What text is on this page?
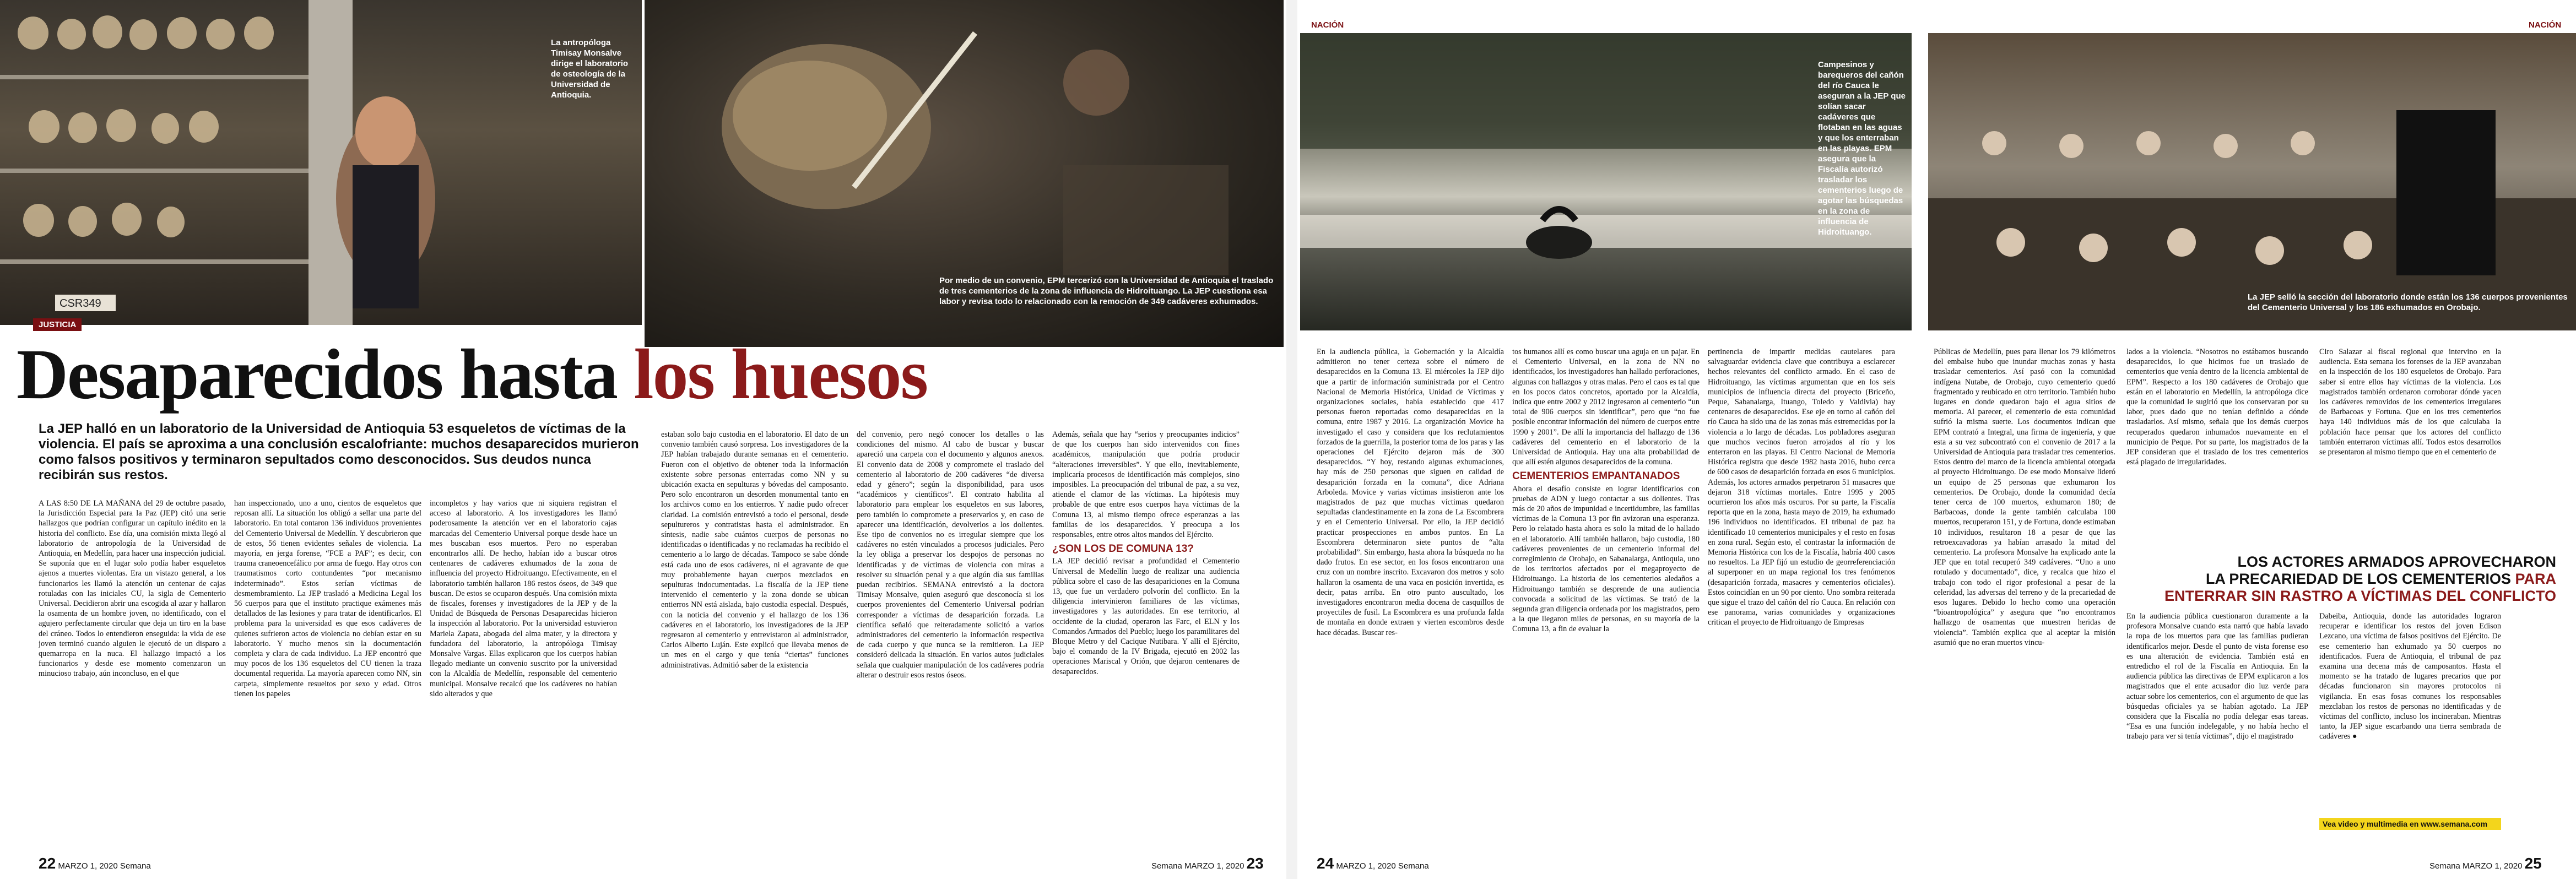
La antropóloga Timisay Monsalve dirige el laboratorio de osteología de la Universidad de Antioquia.
CSR349
Por medio de un convenio, EPM tercerizó con la Universidad de Antioquia el traslado de tres cementerios de la zona de influencia de Hidroituango. La JEP cuestiona esa labor y revisa todo lo relacionado con la remoción de 349 cadáveres exhumados.
Campesinos y barequeros del cañón del río Cauca le aseguran a la JEP que solían sacar cadáveres que flotaban en las aguas y que los enterraban en las playas. EPM asegura que la Fiscalía autorizó trasladar los cementerios luego de agotar las búsquedas en la zona de influencia de Hidroituango.
La JEP selló la sección del laboratorio donde están los 136 cuerpos provenientes del Cementerio Universal y los 186 exhumados en Orobajo.
JUSTICIA
NACIÓN	NACIÓN
Desaparecidos hasta los huesos
La JEP halló en un laboratorio de la Universidad de Antioquia 53 esqueletos de víctimas de la violencia. El país se aproxima a una conclusión escalofriante: muchos desaparecidos murieron como falsos positivos y terminaron sepultados como desconocidos. Sus deudos nunca recibirán sus restos.

A LAS 8:50 DE LA MAÑANA del 29 de octubre pasado, la Jurisdicción Especial para la Paz (JEP) citó una serie hallazgos que podrían configurar un capítulo inédito en la historia del conflicto. Ese día, una comisión mixta llegó al laboratorio de antropología de la Universidad de Antioquia, en Medellín, para hacer una inspección judicial. Se suponía que en el lugar solo podía haber esqueletos ajenos a muertes violentas. Era un vistazo general, a los funcionarios les llamó la atención un centenar de cajas rotuladas con las iniciales CU, la sigla de Cementerio Universal. Decidieron abrir una escogida al azar y hallaron la osamenta de un hombre joven, no identificado, con el agujero perfectamente circular que deja un tiro en la base del cráneo. Todos lo entendieron enseguida: la vida de ese joven terminó cuando alguien le ejecutó de un disparo a quemarropa en la nuca. El hallazgo impactó a los funcionarios y desde ese momento comenzaron un minucioso trabajo, aún inconcluso, en el que

han inspeccionado, uno a uno, cientos de esqueletos que reposan allí. La situación los obligó a sellar una parte del laboratorio. En total contaron 136 individuos provenientes del Cementerio Universal de Medellín. Y descubrieron que de estos, 56 tienen evidentes señales de violencia. La mayoría, en jerga forense, “FCE a PAF”; es decir, con trauma craneoencefálico por arma de fuego. Hay otros con traumatismos corto contundentes “por mecanismo indeterminado”. Estos serían víctimas de desmembramiento. La JEP trasladó a Medicina Legal los 56 cuerpos para que el instituto practique exámenes más detallados de las lesiones y para tratar de identificarlos. El problema para la universidad es que esos cadáveres de quienes sufrieron actos de violencia no debían estar en su laboratorio. Y mucho menos sin la documentación completa y clara de cada individuo. La JEP encontró que muy pocos de los 136 esqueletos del CU tienen la traza documental requerida. La mayoría aparecen como NN, sin carpeta, simplemente resueltos por sexo y edad. Otros tienen los papeles

incompletos y hay varios que ni siquiera registran el acceso al laboratorio. A los investigadores les llamó poderosamente la atención ver en el laboratorio cajas marcadas del Cementerio Universal porque desde hace un mes buscaban esos muertos. Pero no esperaban encontrarlos allí. De hecho, habían ido a buscar otros centenares de cadáveres exhumados de la zona de influencia del proyecto Hidroituango. Efectivamente, en el laboratorio también hallaron 186 restos óseos, de 349 que buscan. De estos se ocuparon después. Una comisión mixta de fiscales, forenses y investigadores de la JEP y de la Unidad de Búsqueda de Personas Desaparecidas hicieron la inspección al laboratorio. Por la universidad estuvieron Mariela Zapata, abogada del alma mater, y la directora y fundadora del laboratorio, la antropóloga Timisay Monsalve Vargas. Ellas explicaron que los cuerpos habían llegado mediante un convenio suscrito por la universidad con la Alcaldía de Medellín, responsable del cementerio municipal. Monsalve recalcó que los cadáveres no habían sido alterados y que

estaban solo bajo custodia en el laboratorio. El dato de un convenio también causó sorpresa. Los investigadores de la JEP habían trabajado durante semanas en el cementerio. Fueron con el objetivo de obtener toda la información existente sobre personas enterradas como NN y su ubicación exacta en sepulturas y bóvedas del camposanto. Pero solo encontraron un desorden monumental tanto en los archivos como en los entierros. Y nadie pudo ofrecer claridad. La comisión entrevistó a todo el personal, desde sepultureros y contratistas hasta el administrador. En síntesis, nadie sabe cuántos cuerpos de personas no identificadas o identificadas y no reclamadas ha recibido el cementerio a lo largo de décadas. Tampoco se sabe dónde está cada uno de esos cadáveres, ni el agravante de que muy probablemente hayan cuerpos mezclados en sepulturas indocumentadas. La fiscalía de la JEP tiene intervenido el cementerio y la zona donde se ubican entierros NN está aislada, bajo custodia especial. Después, con la noticia del convenio y el hallazgo de los 136 cadáveres en el laboratorio, los investigadores de la JEP regresaron al cementerio y entrevistaron al administrador, Carlos Alberto Luján. Este explicó que llevaba menos de un mes en el cargo y que tenía “ciertas” funciones administrativas. Admitió saber de la existencia

del convenio, pero negó conocer los detalles o las condiciones del mismo. Al cabo de buscar y buscar apareció una carpeta con el documento y algunos anexos. El convenio data de 2008 y compromete el traslado del cementerio al laboratorio de 200 cadáveres “de diversa edad y género”; según la disponibilidad, para usos “académicos y científicos”. El contrato habilita al laboratorio para emplear los esqueletos en sus labores, pero también lo compromete a preservarlos y, en caso de aparecer una identificación, devolverlos a los dolientes. Ese tipo de convenios no es irregular siempre que los cadáveres no estén vinculados a procesos judiciales. Pero la ley obliga a preservar los despojos de personas no identificadas y de víctimas de violencia con miras a resolver su situación penal y a que algún día sus familias puedan recibirlos. SEMANA entrevistó a la doctora Timisay Monsalve, quien aseguró que desconocía si los cuerpos provenientes del Cementerio Universal podrían corresponder a víctimas de desaparición forzada. La científica señaló que reiteradamente solicitó a varios administradores del cementerio la información respectiva de cada cuerpo y que nunca se la remitieron. La JEP consideró delicada la situación. En varios autos judiciales señala que cualquier manipulación de los cadáveres podría alterar o destruir esos restos óseos.

Además, señala que hay “serios y preocupantes indicios” de que los cuerpos han sido intervenidos con fines académicos, manipulación que podría producir “alteraciones irreversibles”. Y que ello, inevitablemente, implicaría procesos de identificación más complejos, sino imposibles. La preocupación del tribunal de paz, a su vez, atiende el clamor de las víctimas. La hipótesis muy probable de que entre esos cuerpos haya víctimas de la Comuna 13, al mismo tiempo ofrece esperanzas a las familias de los desaparecidos. Y preocupa a los responsables, entre otros altos mandos del Ejército.

¿SON LOS DE COMUNA 13?

LA JEP decidió revisar a profundidad el Cementerio Universal de Medellín luego de realizar una audiencia pública sobre el caso de las desapariciones en la Comuna 13, que fue un verdadero polvorín del conflicto. En la diligencia intervinieron familiares de las víctimas, investigadores y las autoridades. En ese territorio, al occidente de la ciudad, operaron las Farc, el ELN y los Comandos Armados del Pueblo; luego los paramilitares del Bloque Metro y del Cacique Nutibara. Y allí el Ejército, bajo el comando de la IV Brigada, ejecutó en 2002 las operaciones Mariscal y Orión, que dejaron centenares de desaparecidos.

En la audiencia pública, la Gobernación y la Alcaldía admitieron no tener certeza sobre el número de desaparecidos en la Comuna 13. El miércoles la JEP dijo que a partir de información suministrada por el Centro Nacional de Memoria Histórica, Unidad de Víctimas y organizaciones sociales, había establecido que 417 personas fueron reportadas como desaparecidas en la comuna, entre 1987 y 2016. La organización Movice ha investigado el caso y considera que los reclutamientos forzados de la guerrilla, la posterior toma de los paras y las operaciones del Ejército dejaron más de 300 desaparecidos. “Y hoy, restando algunas exhumaciones, hay más de 250 personas que siguen en calidad de desaparición forzada en la comuna”, dice Adriana Arboleda. Movice y varias víctimas insistieron ante los magistrados de paz que muchas víctimas quedaron sepultadas clandestinamente en la zona de La Escombrera y en el Cementerio Universal. Por ello, la JEP decidió practicar prospecciones en ambos puntos. En La Escombrera determinaron siete puntos de “alta probabilidad”. Sin embargo, hasta ahora la búsqueda no ha dado frutos. En ese sector, en los fosos encontraron una cruz con un nombre inscrito. Excavaron dos metros y solo hallaron la osamenta de una vaca en posición invertida, es decir, patas arriba. En otro punto auscultado, los investigadores encontraron media docena de casquillos de proyectiles de fusil. La Escombrera es una profunda falda de montaña en donde extraen y vierten escombros desde hace décadas. Buscar res-

tos humanos allí es como buscar una aguja en un pajar. En el Cementerio Universal, en la zona de NN no identificados, los investigadores han hallado perforaciones, algunas con hallazgos y otras malas. Pero el caos es tal que en los pocos datos concretos, aportado por la Alcaldía, indica que entre 2002 y 2012 ingresaron al cementerio “un total de 906 cuerpos sin identificar”, pero que “no fue posible encontrar información del número de cuerpos entre 1990 y 2001”. De allí la importancia del hallazgo de 136 cadáveres del cementerio en el laboratorio de la Universidad de Antioquia. Hay una alta probabilidad de que allí estén algunos desaparecidos de la comuna.

CEMENTERIOS EMPANTANADOS

Ahora el desafío consiste en lograr identificarlos con pruebas de ADN y luego contactar a sus dolientes. Tras más de 20 años de impunidad e incertidumbre, las familias víctimas de la Comuna 13 por fin avizoran una esperanza. Pero lo relatado hasta ahora es solo la mitad de lo hallado en el laboratorio. Allí también hallaron, bajo custodia, 180 cadáveres provenientes de un cementerio informal del corregimiento de Orobajo, en Sabanalarga, Antioquia, uno de los territorios afectados por el megaproyecto de Hidroituango. La historia de los cementerios aledaños a Hidroituango también se desprende de una audiencia convocada a solicitud de las víctimas. Se trató de la segunda gran diligencia ordenada por los magistrados, pero a la que llegaron miles de personas, en su mayoría de la Comuna 13, a fin de evaluar la

pertinencia de impartir medidas cautelares para salvaguardar evidencia clave que contribuya a esclarecer hechos relevantes del conflicto armado. En el caso de Hidroituango, las víctimas argumentan que en los seis municipios de influencia directa del proyecto (Briceño, Peque, Sabanalarga, Ituango, Toledo y Valdivia) hay centenares de desaparecidos. Ese eje en torno al cañón del río Cauca ha sido una de las zonas más estremecidas por la violencia a lo largo de décadas. Los pobladores aseguran que muchos vecinos fueron arrojados al río y los enterraron en las playas. El Centro Nacional de Memoria Histórica registra que desde 1982 hasta 2016, hubo cerca de 600 casos de desaparición forzada en esos 6 municipios. Además, los actores armados perpetraron 51 masacres que dejaron 318 víctimas mortales. Entre 1995 y 2005 ocurrieron los años más oscuros. Por su parte, la Fiscalía reporta que en la zona, hasta mayo de 2019, ha exhumado 196 individuos no identificados. El tribunal de paz ha identificado 10 cementerios municipales y el resto en fosas en zona rural. Según esto, el contrastar la información de Memoria Histórica con los de la Fiscalía, habría 400 casos no resueltos. La JEP fijó un estudio de georreferenciación al superponer en un mapa regional los tres fenómenos (desaparición forzada, masacres y cementerios oficiales). Estos coincidían en un 90 por ciento. Uno sombra reiterada que sigue el trazo del cañón del río Cauca. En relación con ese panorama, varias comunidades y organizaciones critican el proyecto de Hidroituango de Empresas

Públicas de Medellín, pues para llenar los 79 kilómetros del embalse hubo que inundar muchas zonas y hasta trasladar cementerios. Así pasó con la comunidad indígena Nutabe, de Orobajo, cuyo cementerio quedó fragmentado y reubicado en otro territorio. También hubo lugares en donde quedaron bajo el agua sitios de memoria. Al parecer, el cementerio de esta comunidad sufrió la misma suerte. Los documentos indican que EPM contrató a Integral, una firma de ingeniería, y que esta a su vez subcontrató con el convenio de 2017 a la Universidad de Antioquia para trasladar tres cementerios. Estos dentro del marco de la licencia ambiental otorgada al proyecto Hidroituango. De ese modo Monsalve lideró un equipo de 25 personas que exhumaron los cementerios. De Orobajo, donde la comunidad decía tener cerca de 100 muertos, exhumaron 180; de Barbacoas, donde la gente también calculaba 100 muertos, recuperaron 151, y de Fortuna, donde estimaban 10 individuos, resultaron 18 a pesar de que las retroexcavadoras ya habían arrasado la mitad del cementerio. La profesora Monsalve ha explicado ante la JEP que en total recuperó 349 cadáveres. “Uno a uno rotulado y documentado”, dice, y recalca que hizo el trabajo con todo el rigor profesional a pesar de la celeridad, las adversas del terreno y de la precariedad de esos lugares. Debido lo hecho como una operación “bioantropológica” y asegura que “no encontramos hallazgo de osamentas que muestren heridas de violencia”. También explica que al aceptar la misión asumió que no eran muertos vincu-

lados a la violencia. “Nosotros no estábamos buscando desaparecidos, lo que hicimos fue un traslado de cementerios que venía dentro de la licencia ambiental de EPM”. Respecto a los 180 cadáveres de Orobajo que están en el laboratorio en Medellín, la antropóloga dice que la comunidad le sugirió que los conservaran por su labor, pues dado que no tenían definido a dónde trasladarlos. Así mismo, señala que los demás cuerpos recuperados quedaron inhumados nuevamente en el municipio de Peque. Por su parte, los magistrados de la JEP consideran que el traslado de los tres cementerios está plagado de irregularidades.

Ciro Salazar al fiscal regional que intervino en la audiencia. Esta semana los forenses de la JEP avanzaban en la inspección de los 180 esqueletos de Orobajo. Para saber si entre ellos hay víctimas de la violencia. Los magistrados también ordenaron corroborar dónde yacen los cadáveres removidos de los cementerios irregulares de Barbacoas y Fortuna. Que en los tres cementerios haya 140 individuos más de los que calculaba la población hace pensar que los actores del conflicto también enterraron víctimas allí. Todos estos desarrollos se presentaron al mismo tiempo que en el cementerio de

LOS ACTORES ARMADOS APROVECHARON
LA PRECARIEDAD DE LOS CEMENTERIOS PARA
ENTERRAR SIN RASTRO A VÍCTIMAS DEL CONFLICTO

En la audiencia pública cuestionaron duramente a la profesora Monsalve cuando esta narró que había lavado la ropa de los muertos para que las familias pudieran identificarlos mejor. Desde el punto de vista forense eso es una alteración de evidencia. También está en entredicho el rol de la Fiscalía en Antioquia. En la audiencia pública las directivas de EPM explicaron a los magistrados que el ente acusador dio luz verde para actuar sobre los cementerios, con el argumento de que las búsquedas oficiales ya se habían agotado. La JEP considera que la Fiscalía no podía delegar esas tareas. “Esa es una función indelegable, y no había hecho el trabajo para ver si tenía víctimas”, dijo el magistrado

Dabeiba, Antioquia, donde las autoridades lograron recuperar e identificar los restos del joven Edison Lezcano, una víctima de falsos positivos del Ejército. De ese cementerio han exhumado ya 50 cuerpos no identificados. Fuera de Antioquia, el tribunal de paz examina una decena más de camposantos. Hasta el momento se ha tratado de lugares precarios que por décadas funcionaron sin mayores protocolos ni vigilancia. En esas fosas comunes los responsables mezclaban los restos de personas no identificadas y de víctimas del conflicto, incluso los incineraban. Mientras tanto, la JEP sigue escarbando una tierra sembrada de cadáveres ●

Vea video y multimedia en www.semana.com
22 MARZO 1, 2020 Semana	Semana MARZO 1, 2020 23	24 MARZO 1, 2020 Semana	Semana MARZO 1, 2020 25
